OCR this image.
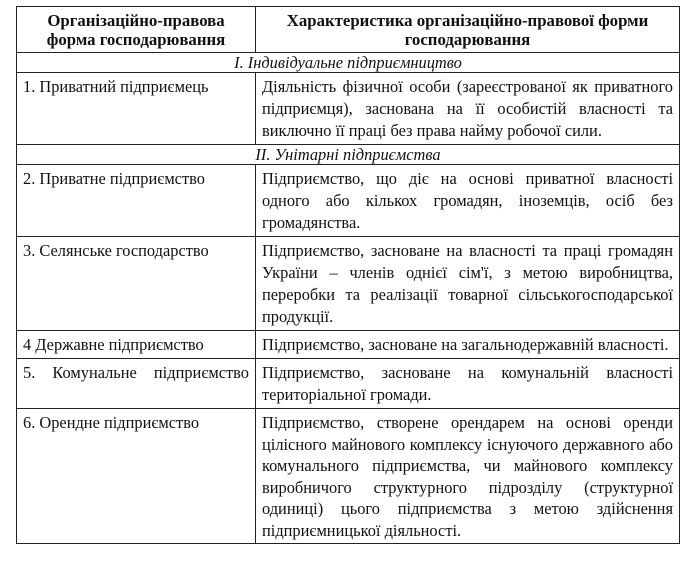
Організаційно-правова форма господарювання	Характеристика організаційно-правової форми господарювання
І. Індивідуальне підприємництво	
1. Приватний підприємець	Діяльність фізичної особи (зареєстрованої як приватного підприємця), заснована на її особистій власності та виключно її праці без права найму робочої сили.
ІІ. Унітарні підприємства	
2. Приватне підприємство	Підприємство, що діє на основі приватної власності одного або кількох громадян, іноземців, осіб без громадянства.
3. Селянське господарство	Підприємство, засноване на власності та праці громадян України – членів однієї сім'ї, з метою виробництва, переробки та реалізації товарної сільськогосподарської продукції.
4 Державне підприємство	Підприємство, засноване на загальнодержавній власності.
5. Комунальне підприємство	Підприємство, засноване на комунальній власності територіальної громади.
6. Орендне підприємство	Підприємство, створене орендарем на основі оренди цілісного майнового комплексу існуючого державного або комунального підприємства, чи майнового комплексу виробничого структурного підрозділу (структурної одиниці) цього підприємства з метою здійснення підприємницької діяльності.
